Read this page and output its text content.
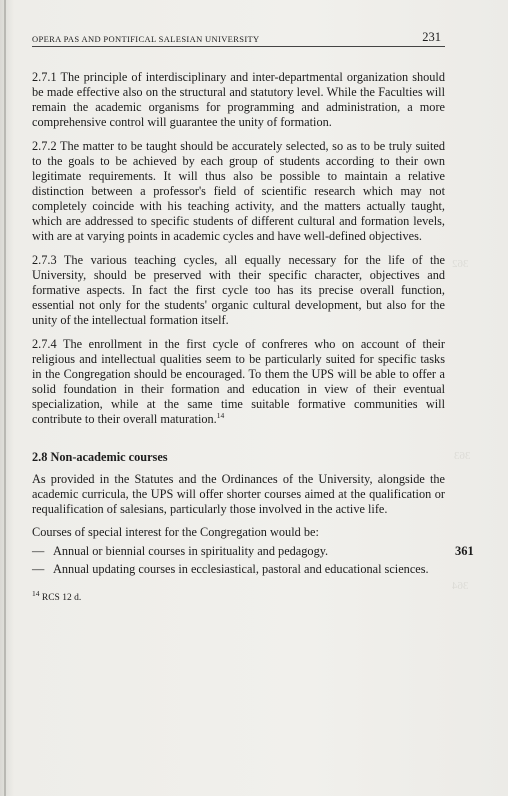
OPERA PAS AND PONTIFICAL SALESIAN UNIVERSITY	231

2.7.1 The principle of interdisciplinary and inter-departmental organization should be made effective also on the structural and statutory level. While the Faculties will remain the academic organisms for programming and administration, a more comprehensive control will guarantee the unity of formation.

2.7.2 The matter to be taught should be accurately selected, so as to be truly suited to the goals to be achieved by each group of students according to their own legitimate requirements. It will thus also be possible to maintain a relative distinction between a professor's field of scientific research which may not completely coincide with his teaching activity, and the matters actually taught, which are addressed to specific students of different cultural and formation levels, with are at varying points in academic cycles and have well-defined objectives.

2.7.3 The various teaching cycles, all equally necessary for the life of the University, should be preserved with their specific character, objectives and formative aspects. In fact the first cycle too has its precise overall function, essential not only for the students' organic cultural development, but also for the unity of the intellectual formation itself.

2.7.4 The enrollment in the first cycle of confreres who on account of their religious and intellectual qualities seem to be particularly suited for specific tasks in the Congregation should be encouraged. To them the UPS will be able to offer a solid foundation in their formation and education in view of their eventual specialization, while at the same time suitable formative communities will contribute to their overall maturation.$^{14}$

2.8 Non-academic courses

As provided in the Statutes and the Ordinances of the University, alongside the academic curricula, the UPS will offer shorter courses aimed at the qualification or requalification of salesians, particularly those involved in the active life.

Courses of special interest for the Congregation would be:

— Annual or biennial courses in spirituality and pedagogy.
— Annual updating courses in ecclesiastical, pastoral and educational sciences.
$^{14}$ RCS 12 d.
361
362
363
364
